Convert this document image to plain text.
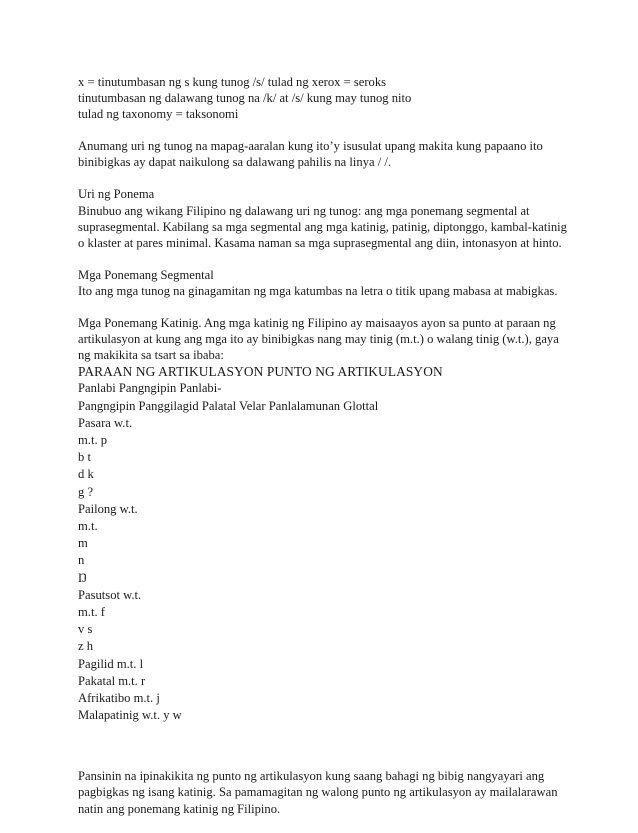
x = tinutumbasan ng s kung tunog /s/ tulad ng xerox = seroks
tinutumbasan ng dalawang tunog na /k/ at /s/ kung may tunog nito
tulad ng taxonomy = taksonomi
Anumang uri ng tunog na mapag-aaralan kung ito’y isusulat upang makita kung papaano ito binibigkas ay dapat naikulong sa dalawang pahilis na linya / /.
Uri ng Ponema
Binubuo ang wikang Filipino ng dalawang uri ng tunog: ang mga ponemang segmental at suprasegmental. Kabilang sa mga segmental ang mga katinig, patinig, diptonggo, kambal-katinig o klaster at pares minimal. Kasama naman sa mga suprasegmental ang diin, intonasyon at hinto.
Mga Ponemang Segmental
Ito ang mga tunog na ginagamitan ng mga katumbas na letra o titik upang mabasa at mabigkas.
Mga Ponemang Katinig. Ang mga katinig ng Filipino ay maisaayos ayon sa punto at paraan ng artikulasyon at kung ang mga ito ay binibigkas nang may tinig (m.t.) o walang tinig (w.t.), gaya ng makikita sa tsart sa ibaba:
PARAAN NG ARTIKULASYON PUNTO NG ARTIKULASYON
Panlabi Pangngipin Panlabi-
Pangngipin Panggilagid Palatal Velar Panlalamunan Glottal
Pasara w.t.
m.t. p
b t
d k
g ?
Pailong w.t.
m.t.
m
n
Ŋ
Pasutsot w.t.
m.t. f
v s
z h
Pagilid m.t. l
Pakatal m.t. r
Afrikatibo m.t. j
Malapatinig w.t. y w
Pansinin na ipinakikita ng punto ng artikulasyon kung saang bahagi ng bibig nangyayari ang pagbigkas ng isang katinig. Sa pamamagitan ng walong punto ng artikulasyon ay mailalarawan natin ang ponemang katinig ng Filipino.
